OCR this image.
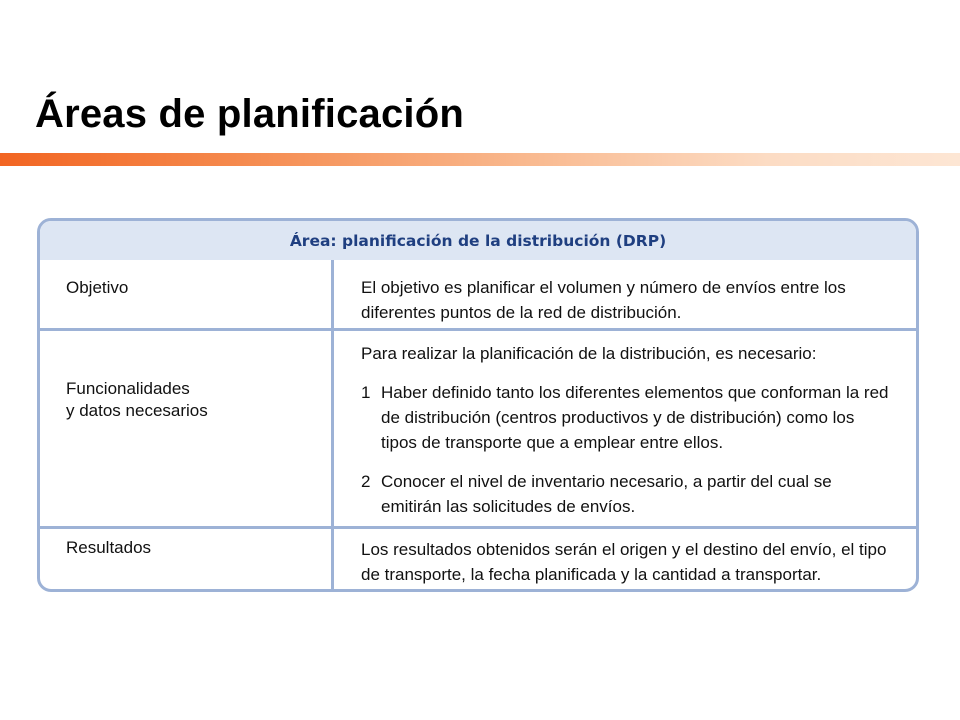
Áreas de planificación
Área: planificación de la distribución (DRP)
Objetivo	El objetivo es planificar el volumen y número de envíos entre los diferentes puntos de la red de distribución.
Funcionalidades
y datos necesarios
Para realizar la planificación de la distribución, es necesario:
1 Haber definido tanto los diferentes elementos que conforman la red de distribución (centros productivos y de distribución) como los tipos de transporte que a emplear entre ellos.
2 Conocer el nivel de inventario necesario, a partir del cual se emitirán las solicitudes de envíos.
Resultados	Los resultados obtenidos serán el origen y el destino del envío, el tipo de transporte, la fecha planificada y la cantidad a transportar.
